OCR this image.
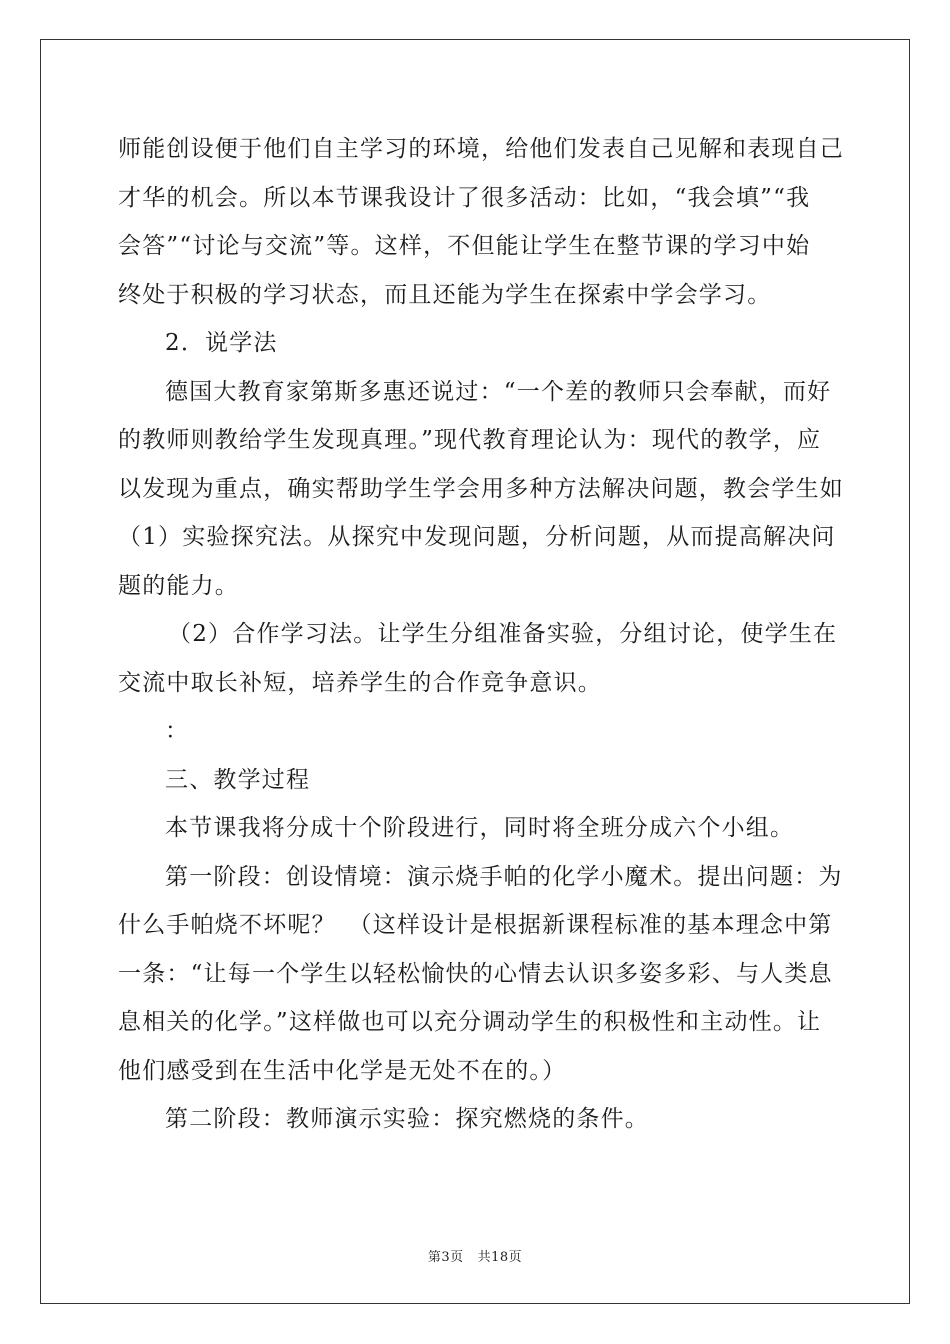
师能创设便于他们自主学习的环境，给他们发表自己见解和表现自己
才华的机会。所以本节课我设计了很多活动：比如，“我会填”“我
会答”“讨论与交流”等。这样，不但能让学生在整节课的学习中始
终处于积极的学习状态，而且还能为学生在探索中学会学习。
2．说学法
德国大教育家第斯多惠还说过：“一个差的教师只会奉献，而好
的教师则教给学生发现真理。”现代教育理论认为：现代的教学，应
以发现为重点，确实帮助学生学会用多种方法解决问题，教会学生如
（1）实验探究法。从探究中发现问题，分析问题，从而提高解决问
题的能力。
（2）合作学习法。让学生分组准备实验，分组讨论，使学生在
交流中取长补短，培养学生的合作竞争意识。
：
三、教学过程
本节课我将分成十个阶段进行，同时将全班分成六个小组。
第一阶段：创设情境：演示烧手帕的化学小魔术。提出问题：为
什么手帕烧不坏呢？　（这样设计是根据新课程标准的基本理念中第
一条：“让每一个学生以轻松愉快的心情去认识多姿多彩、与人类息
息相关的化学。”这样做也可以充分调动学生的积极性和主动性。让
他们感受到在生活中化学是无处不在的。）
第二阶段：教师演示实验：探究燃烧的条件。
第3页 共18页
